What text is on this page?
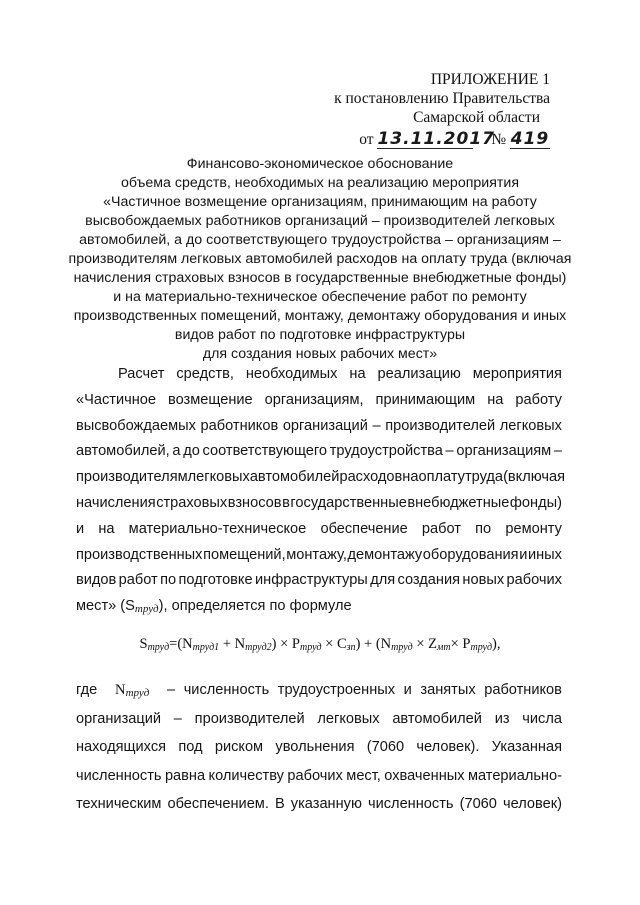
ПРИЛОЖЕНИЕ 1
к постановлению Правительства
Самарской области
от 13.11.2017 № 419
Финансово-экономическое обоснование
объема средств, необходимых на реализацию мероприятия
«Частичное возмещение организациям, принимающим на работу
высвобождаемых работников организаций – производителей легковых
автомобилей, а до соответствующего трудоустройства – организациям –
производителям легковых автомобилей расходов на оплату труда (включая
начисления страховых взносов в государственные внебюджетные фонды)
и на материально-техническое обеспечение работ по ремонту
производственных помещений, монтажу, демонтажу оборудования и иных
видов работ по подготовке инфраструктуры
для создания новых рабочих мест»
Расчет средств, необходимых на реализацию мероприятия
«Частичное возмещение организациям, принимающим на работу
высвобождаемых работников организаций – производителей легковых
автомобилей, а до соответствующего трудоустройства – организациям –
производителям легковых автомобилей расходов на оплату труда (включая
начисления страховых взносов в государственные внебюджетные фонды)
и на материально-техническое обеспечение работ по ремонту
производственных помещений, монтажу, демонтажу оборудования и иных
видов работ по подготовке инфраструктуры для создания новых рабочих
мест» (Sтруд), определяется по формуле
Sтруд=(Nтруд1 + Nтруд2) × Pтруд × Cзп) + (Nтруд × Zмт× Pтруд),
где Nтруд – численность трудоустроенных и занятых работников
организаций – производителей легковых автомобилей из числа
находящихся под риском увольнения (7060 человек). Указанная
численность равна количеству рабочих мест, охваченных материально-
техническим обеспечением. В указанную численность (7060 человек)
